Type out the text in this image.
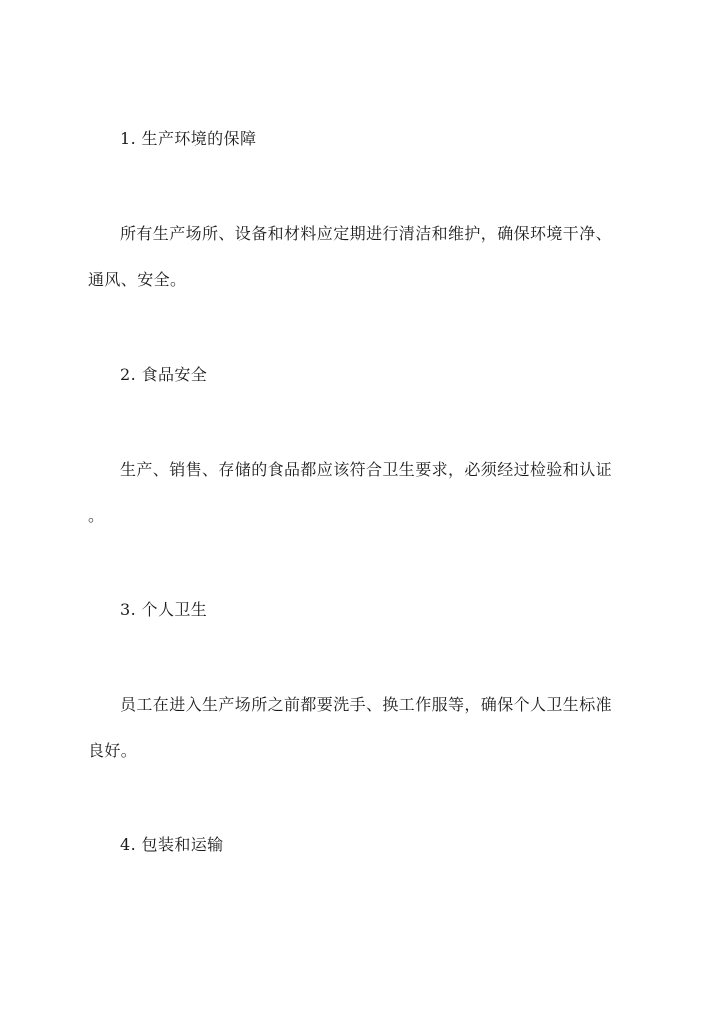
1. 生产环境的保障
所有生产场所、设备和材料应定期进行清洁和维护，确保环境干净、
通风、安全。
2. 食品安全
生产、销售、存储的食品都应该符合卫生要求，必须经过检验和认证
。
3. 个人卫生
员工在进入生产场所之前都要洗手、换工作服等，确保个人卫生标准
良好。
4. 包装和运输
